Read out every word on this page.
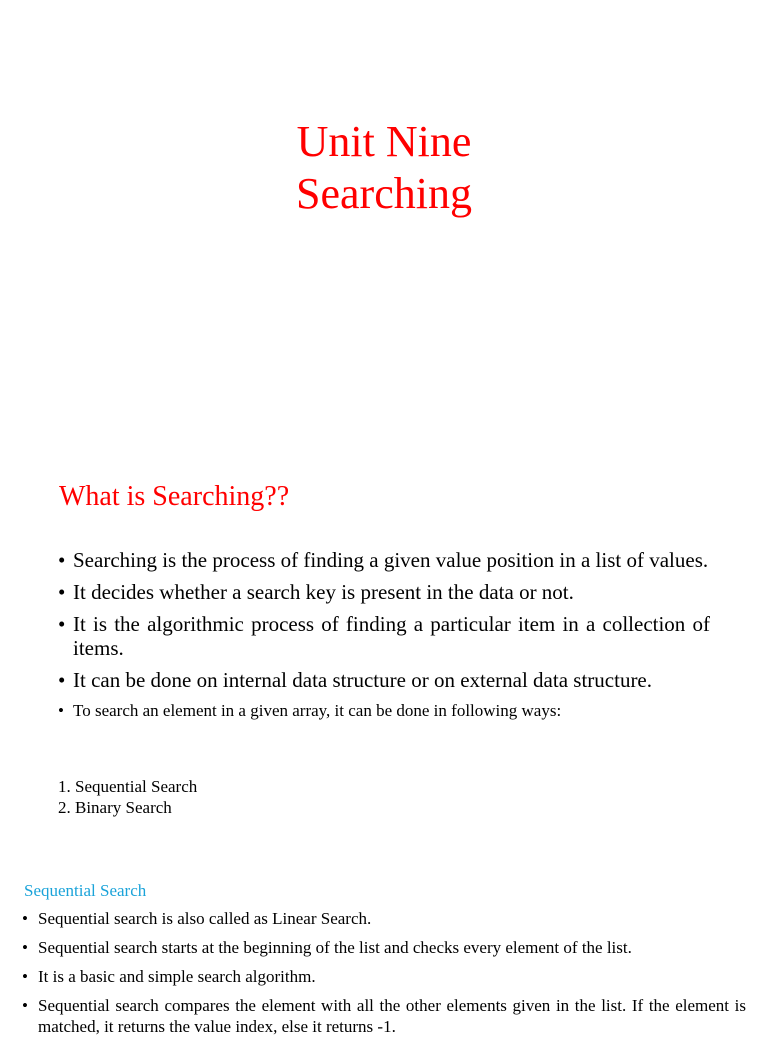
Unit Nine
Searching
What is Searching??
• Searching is the process of finding a given value position in a list of values.
• It decides whether a search key is present in the data or not.
• It is the algorithmic process of finding a particular item in a collection of items.
• It can be done on internal data structure or on external data structure.
• To search an element in a given array, it can be done in following ways:
1. Sequential Search
2. Binary Search
Sequential Search
• Sequential search is also called as Linear Search.
• Sequential search starts at the beginning of the list and checks every element of the list.
• It is a basic and simple search algorithm.
• Sequential search compares the element with all the other elements given in the list. If the element is matched, it returns the value index, else it returns -1.
